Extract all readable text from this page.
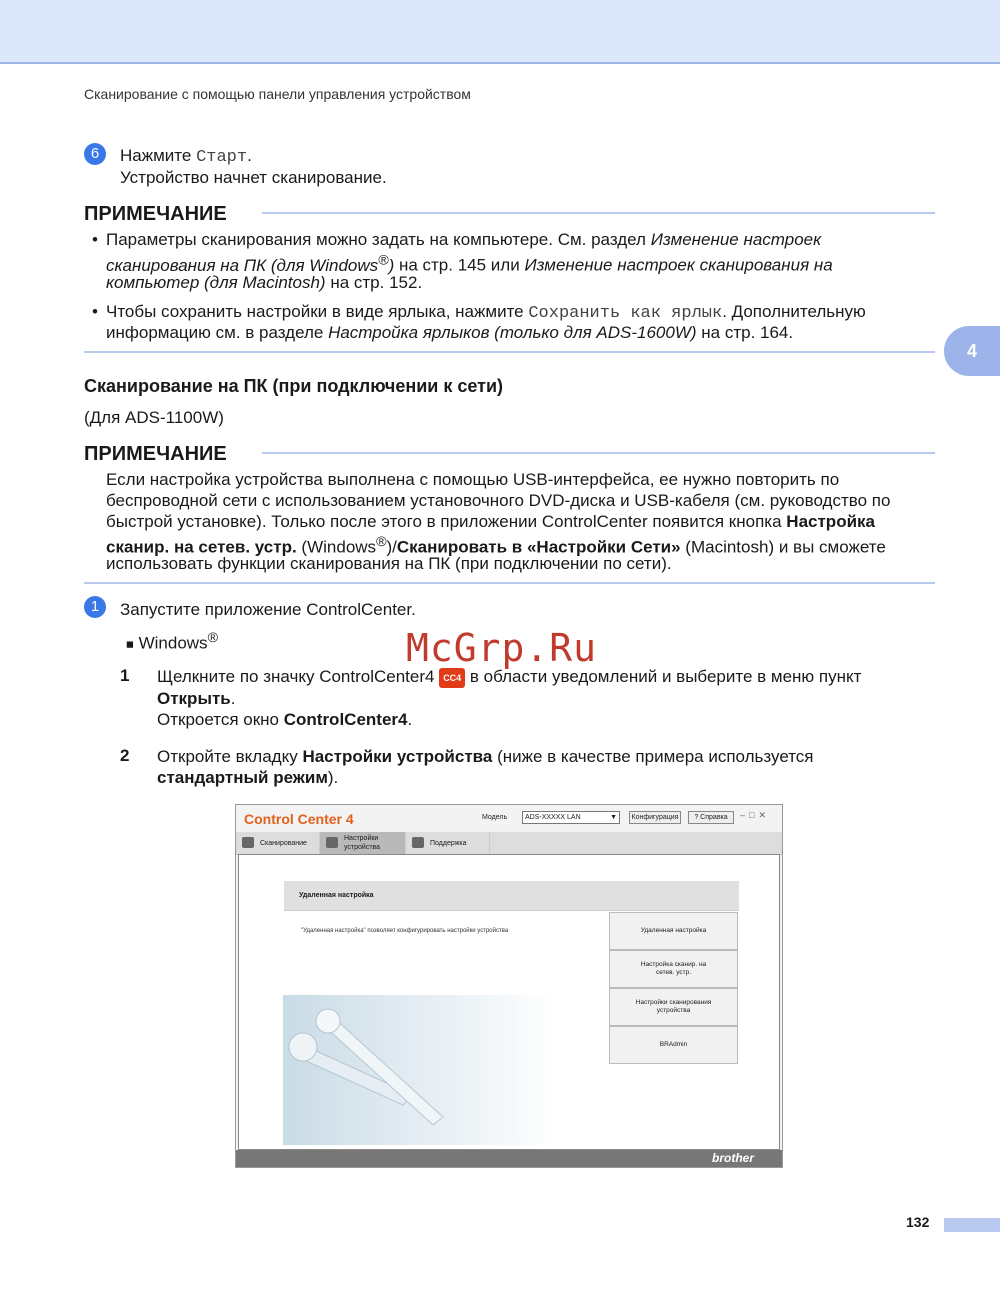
Сканирование с помощью панели управления устройством
6	Нажмите Старт.
Устройство начнет сканирование.
ПРИМЕЧАНИЕ
• Параметры сканирования можно задать на компьютере. См. раздел Изменение настроек
сканирования на ПК (для Windows®) на стр. 145 или Изменение настроек сканирования на
компьютер (для Macintosh) на стр. 152.
• Чтобы сохранить настройки в виде ярлыка, нажмите Сохранить как ярлык. Дополнительную
информацию см. в разделе Настройка ярлыков (только для ADS-1600W) на стр. 164.
4
Сканирование на ПК (при подключении к сети)
(Для ADS-1100W)
ПРИМЕЧАНИЕ
Если настройка устройства выполнена с помощью USB-интерфейса, ее нужно повторить по
беспроводной сети с использованием установочного DVD-диска и USB-кабеля (см. руководство по
быстрой установке). Только после этого в приложении ControlCenter появится кнопка Настройка
сканир. на сетев. устр. (Windows®)/Сканировать в «Настройки Сети» (Macintosh) и вы сможете
использовать функции сканирования на ПК (при подключении по сети).
1	Запустите приложение ControlCenter.
■ Windows®
1 Щелкните по значку ControlCenter4 CC4 в области уведомлений и выберите в меню пункт
Открыть.
Откроется окно ControlCenter4.
2 Откройте вкладку Настройки устройства (ниже в качестве примера используется
стандартный режим).
McGrp.Ru
Control Center 4	Модель	ADS-XXXXX LAN	▼	Конфигурация	? Справка	–□✕
Сканирование
Настройки устройства
Поддержка
Удаленная настройка
"Удаленная настройка" позволяет конфигурировать настройки устройства	Удаленная настройка
Настройка сканир. на сетев. устр.
Настройки сканирования устройства
BRAdmin
brother
132
